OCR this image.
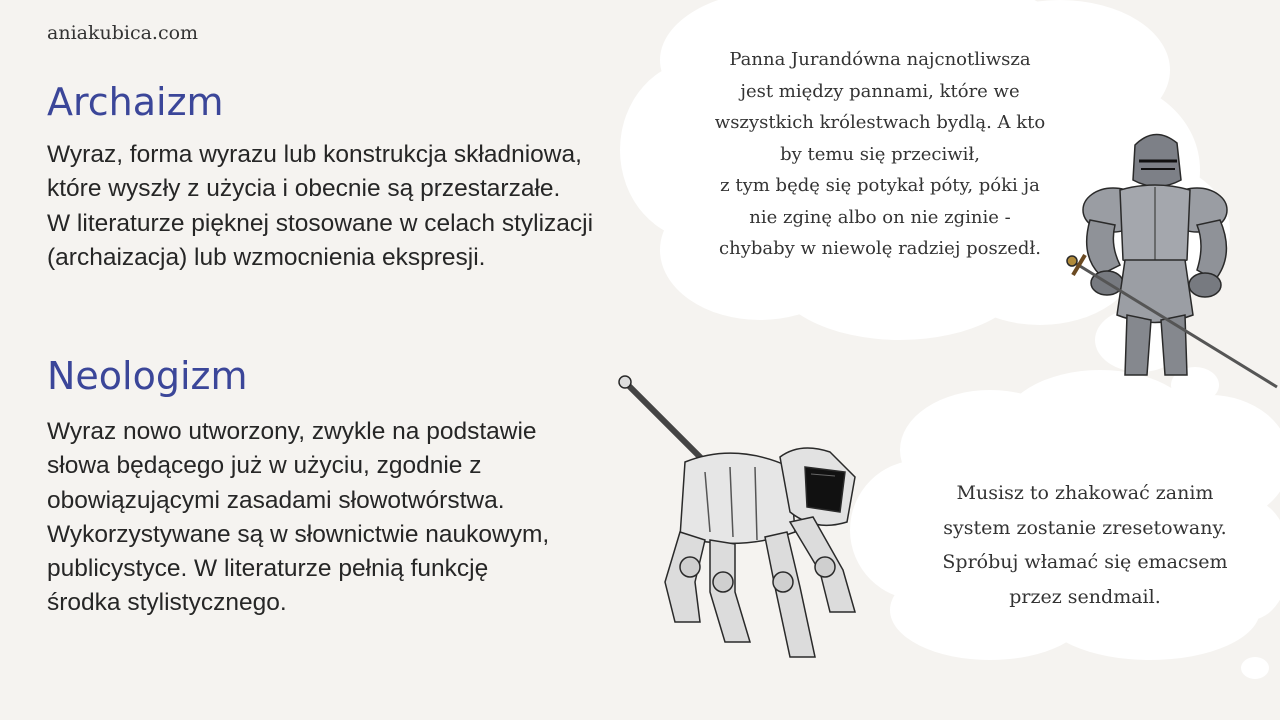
aniakubica.com
Archaizm

Wyraz, forma wyrazu lub konstrukcja składniowa,
które wyszły z użycia i obecnie są przestarzałe.
W literaturze pięknej stosowane w celach stylizacji
(archaizacja) lub wzmocnienia ekspresji.

Neologizm

Wyraz nowo utworzony, zwykle na podstawie
słowa będącego już w użyciu, zgodnie z
obowiązującymi zasadami słowotwórstwa.
Wykorzystywane są w słownictwie naukowym,
publicystyce. W literaturze pełnią funkcję
środka stylistycznego.

Panna Jurandówna najcnotliwsza
jest między pannami, które we
wszystkich królestwach bydlą. A kto
by temu się przeciwił,
z tym będę się potykał póty, póki ja
nie zginę albo on nie zginie -
chybaby w niewolę radziej poszedł.
Musisz to zhakować zanim
system zostanie zresetowany.
Spróbuj włamać się emacsem
przez sendmail.
